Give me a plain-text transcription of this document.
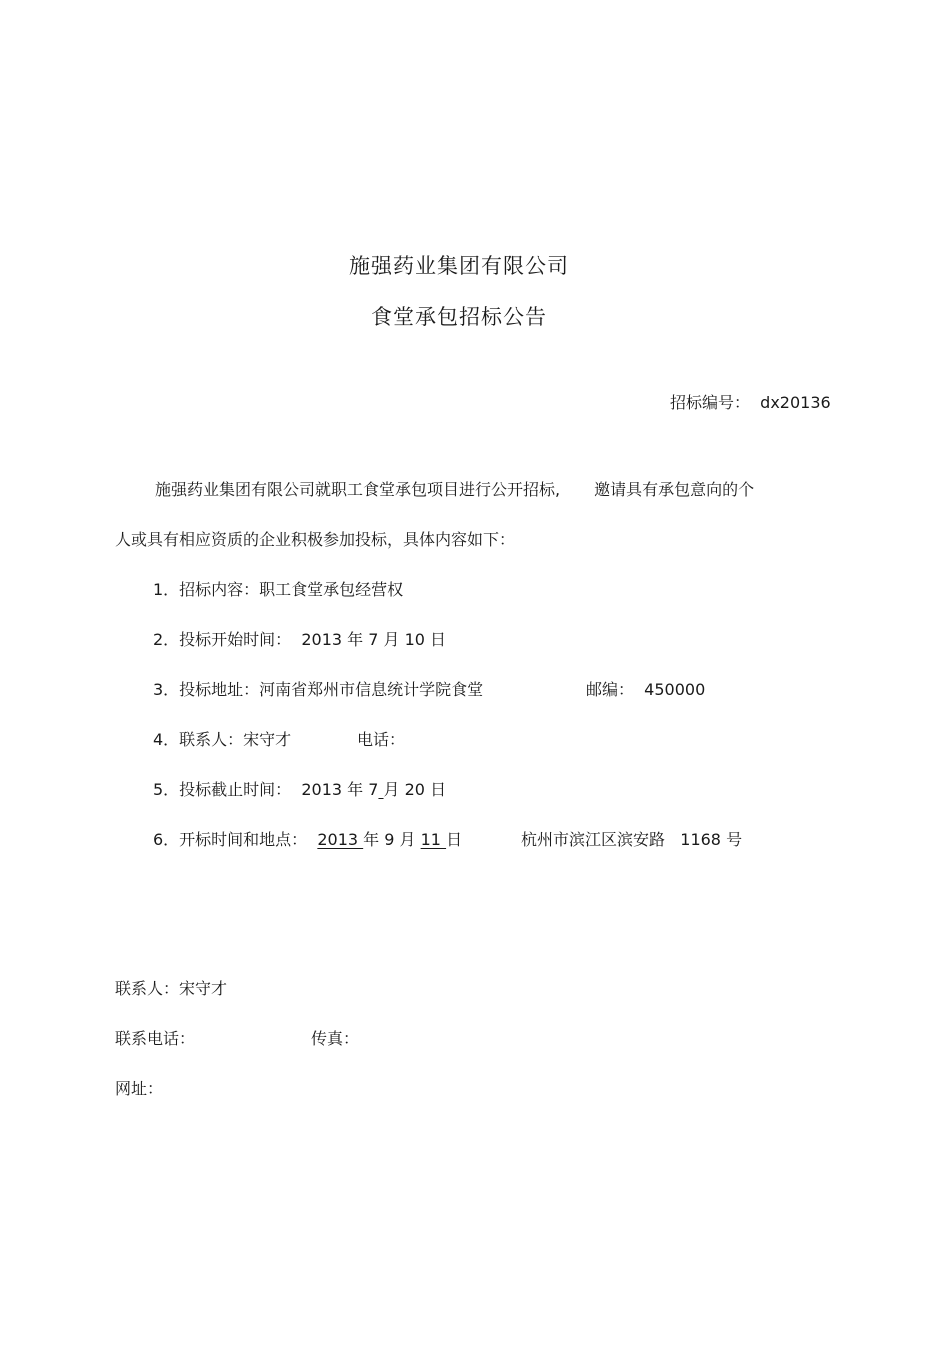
施强药业集团有限公司
食堂承包招标公告
招标编号：  dx20136
施强药业集团有限公司就职工食堂承包项目进行公开招标, 邀请具有承包意向的个
人或具有相应资质的企业积极参加投标，具体内容如下：
1．招标内容：职工食堂承包经营权
2．投标开始时间：  2013 年 7 月 10 日
3．投标地址：河南省郑州市信息统计学院食堂	邮编：  450000
4．联系人：宋守才	电话：
5．投标截止时间：  2013 年 7 月 20 日
6．开标时间和地点：  2013 年 9 月 11 日	杭州市滨江区滨安路   1168 号
联系人：宋守才
联系电话：	传真：
网址：
